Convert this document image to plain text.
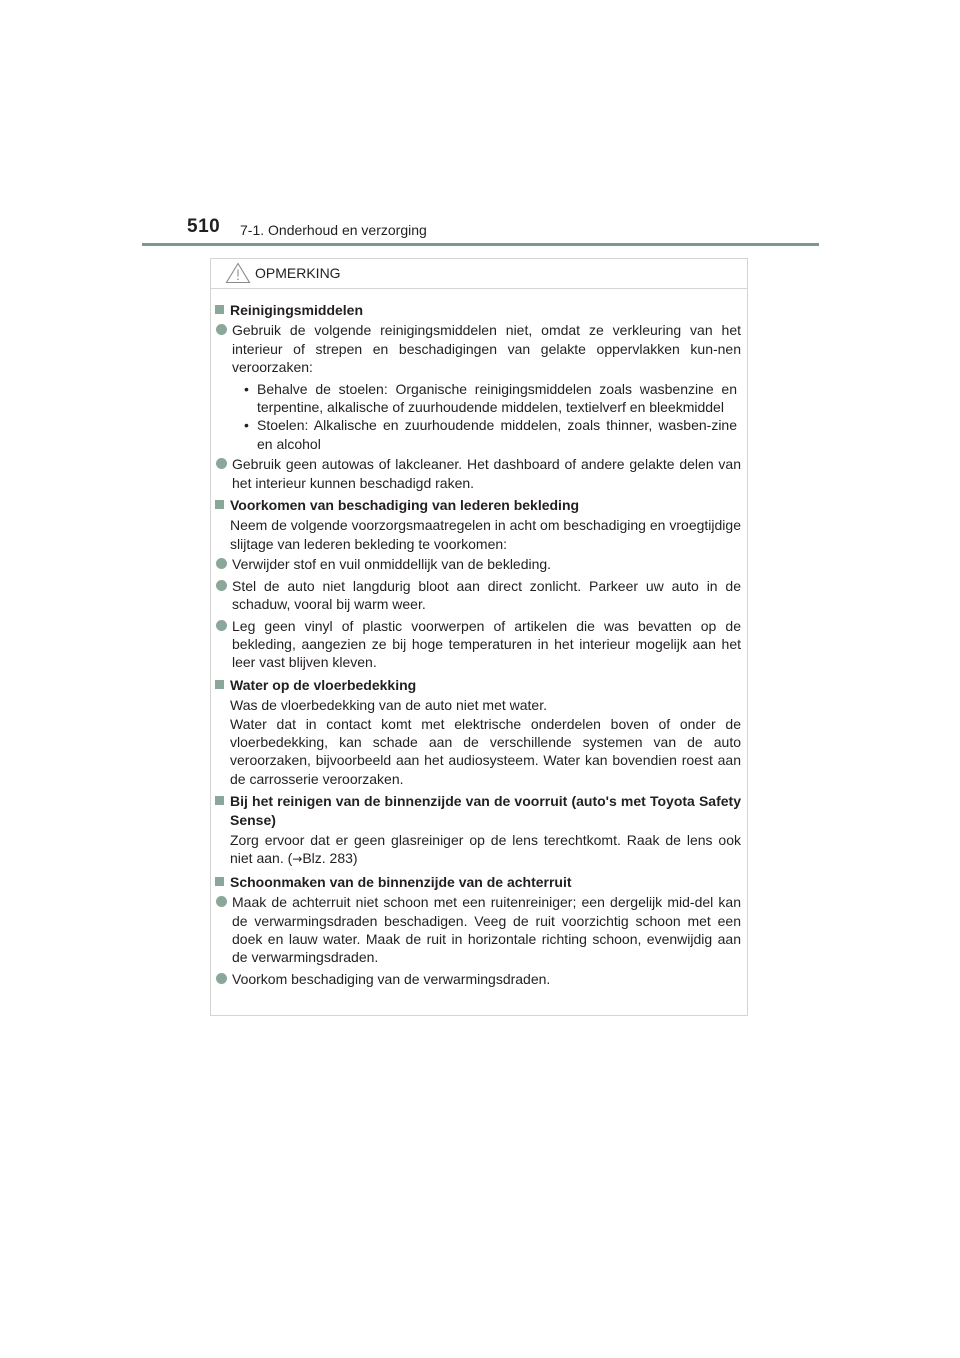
510 7-1. Onderhoud en verzorging
OPMERKING
Reinigingsmiddelen
Gebruik de volgende reinigingsmiddelen niet, omdat ze verkleuring van het interieur of strepen en beschadigingen van gelakte oppervlakken kun-nen veroorzaken:
• Behalve de stoelen: Organische reinigingsmiddelen zoals wasbenzine en terpentine, alkalische of zuurhoudende middelen, textielverf en bleekmiddel
• Stoelen: Alkalische en zuurhoudende middelen, zoals thinner, wasben-zine en alcohol
Gebruik geen autowas of lakcleaner. Het dashboard of andere gelakte delen van het interieur kunnen beschadigd raken.
Voorkomen van beschadiging van lederen bekleding
Neem de volgende voorzorgsmaatregelen in acht om beschadiging en vroegtijdige slijtage van lederen bekleding te voorkomen:
Verwijder stof en vuil onmiddellijk van de bekleding.
Stel de auto niet langdurig bloot aan direct zonlicht. Parkeer uw auto in de schaduw, vooral bij warm weer.
Leg geen vinyl of plastic voorwerpen of artikelen die was bevatten op de bekleding, aangezien ze bij hoge temperaturen in het interieur mogelijk aan het leer vast blijven kleven.
Water op de vloerbedekking
Was de vloerbedekking van de auto niet met water.
Water dat in contact komt met elektrische onderdelen boven of onder de vloerbedekking, kan schade aan de verschillende systemen van de auto veroorzaken, bijvoorbeeld aan het audiosysteem. Water kan bovendien roest aan de carrosserie veroorzaken.
Bij het reinigen van de binnenzijde van de voorruit (auto's met Toyota Safety Sense)
Zorg ervoor dat er geen glasreiniger op de lens terechtkomt. Raak de lens ook niet aan. (→Blz. 283)
Schoonmaken van de binnenzijde van de achterruit
Maak de achterruit niet schoon met een ruitenreiniger; een dergelijk mid-del kan de verwarmingsdraden beschadigen. Veeg de ruit voorzichtig schoon met een doek en lauw water. Maak de ruit in horizontale richting schoon, evenwijdig aan de verwarmingsdraden.
Voorkom beschadiging van de verwarmingsdraden.
